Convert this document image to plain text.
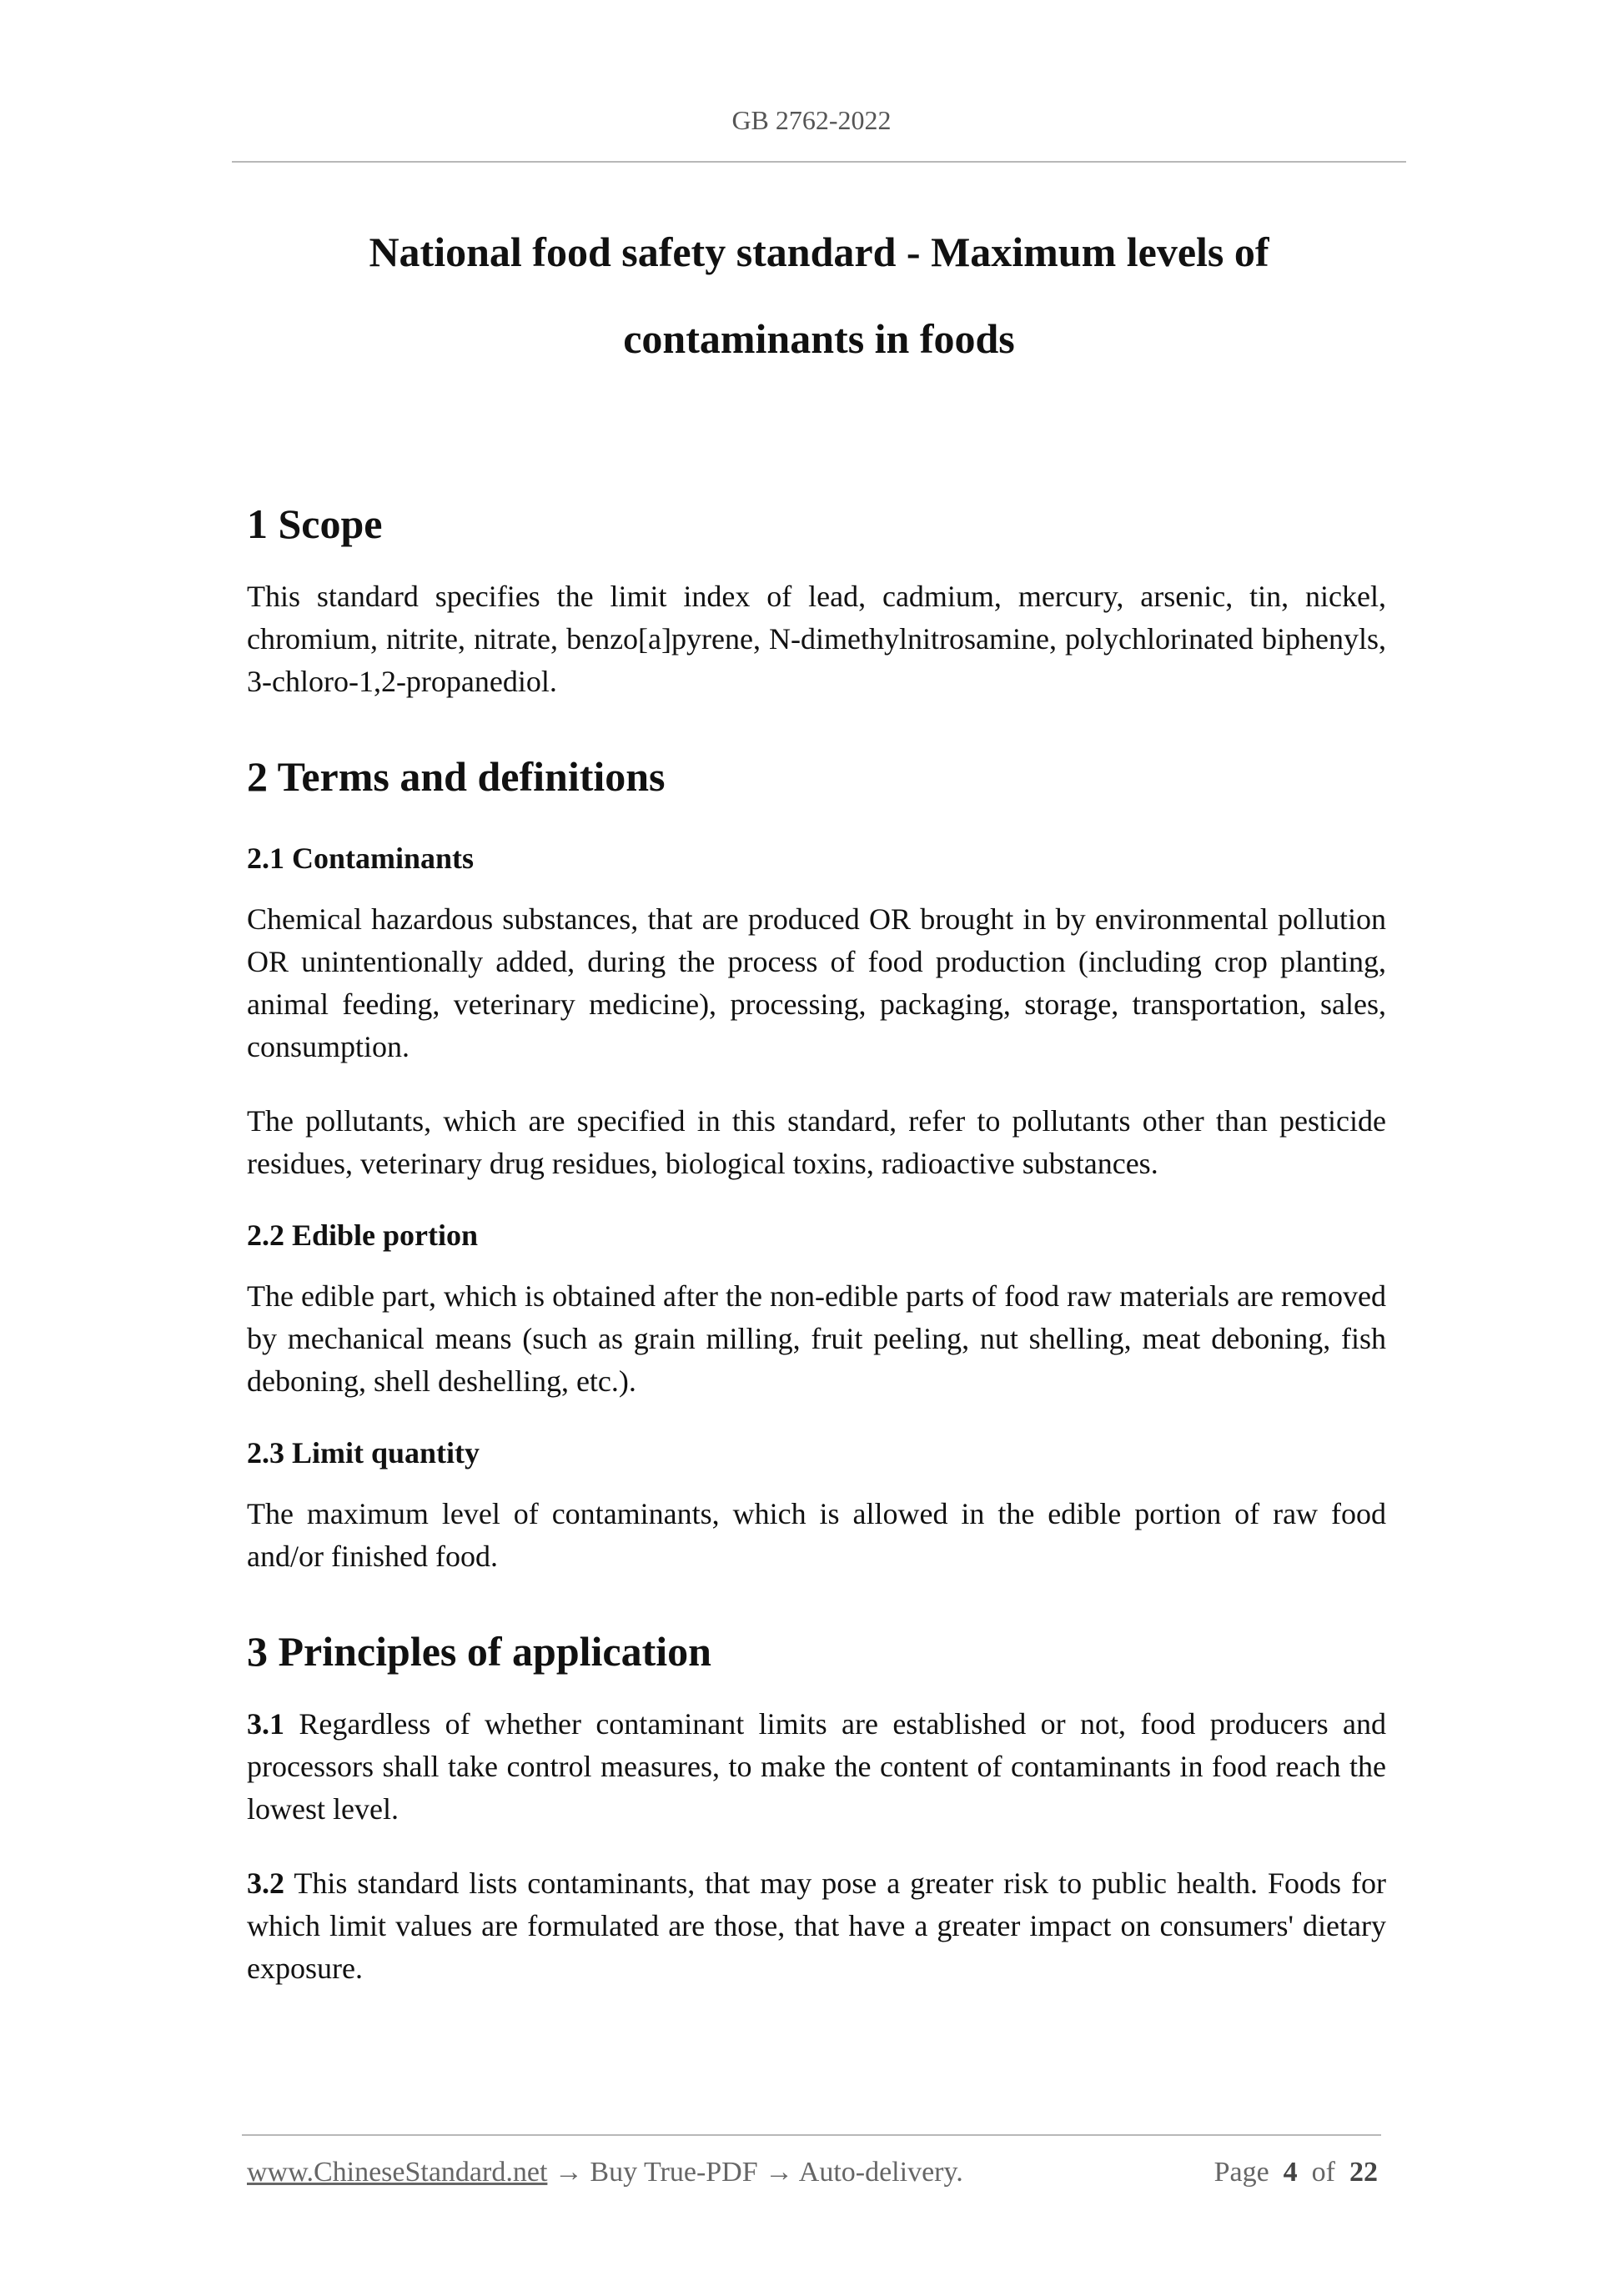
GB 2762-2022
National food safety standard - Maximum levels of
contaminants in foods
1 Scope

This standard specifies the limit index of lead, cadmium, mercury, arsenic, tin, nickel, chromium, nitrite, nitrate, benzo[a]pyrene, N-dimethylnitrosamine, polychlorinated biphenyls, 3-chloro-1,2-propanediol.

2 Terms and definitions
2.1 Contaminants

Chemical hazardous substances, that are produced OR brought in by environmental pollution OR unintentionally added, during the process of food production (including crop planting, animal feeding, veterinary medicine), processing, packaging, storage, transportation, sales, consumption.

The pollutants, which are specified in this standard, refer to pollutants other than pesticide residues, veterinary drug residues, biological toxins, radioactive substances.

2.2 Edible portion

The edible part, which is obtained after the non-edible parts of food raw materials are removed by mechanical means (such as grain milling, fruit peeling, nut shelling, meat deboning, fish deboning, shell deshelling, etc.).

2.3 Limit quantity

The maximum level of contaminants, which is allowed in the edible portion of raw food and/or finished food.

3 Principles of application

3.1 Regardless of whether contaminant limits are established or not, food producers and processors shall take control measures, to make the content of contaminants in food reach the lowest level.

3.2 This standard lists contaminants, that may pose a greater risk to public health. Foods for which limit values are formulated are those, that have a greater impact on consumers' dietary exposure.

www.ChineseStandard.net → Buy True-PDF → Auto-delivery.	Page 4 of 22
